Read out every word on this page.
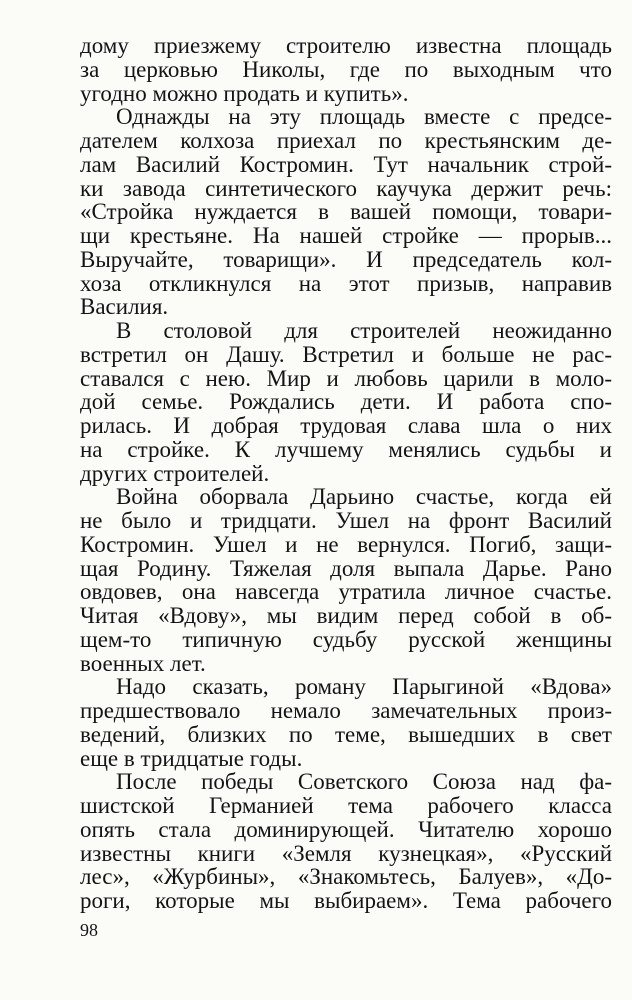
дому приезжему строителю известна площадь
за церковью Николы, где по выходным что
угодно можно продать и купить».
Однажды на эту площадь вместе с предсе-
дателем колхоза приехал по крестьянским де-
лам Василий Костромин. Тут начальник строй-
ки завода синтетического каучука держит речь:
«Стройка нуждается в вашей помощи, товари-
щи крестьяне. На нашей стройке — прорыв...
Выручайте, товарищи». И председатель кол-
хоза откликнулся на этот призыв, направив
Василия.
В столовой для строителей неожиданно
встретил он Дашу. Встретил и больше не рас-
ставался с нею. Мир и любовь царили в моло-
дой семье. Рождались дети. И работа спо-
рилась. И добрая трудовая слава шла о них
на стройке. К лучшему менялись судьбы и
других строителей.
Война оборвала Дарьино счастье, когда ей
не было и тридцати. Ушел на фронт Василий
Костромин. Ушел и не вернулся. Погиб, защи-
щая Родину. Тяжелая доля выпала Дарье. Рано
овдовев, она навсегда утратила личное счастье.
Читая «Вдову», мы видим перед собой в об-
щем-то типичную судьбу русской женщины
военных лет.
Надо сказать, роману Парыгиной «Вдова»
предшествовало немало замечательных произ-
ведений, близких по теме, вышедших в свет
еще в тридцатые годы.
После победы Советского Союза над фа-
шистской Германией тема рабочего класса
опять стала доминирующей. Читателю хорошо
известны книги «Земля кузнецкая», «Русский
лес», «Журбины», «Знакомьтесь, Балуев», «До-
роги, которые мы выбираем». Тема рабочего
98
